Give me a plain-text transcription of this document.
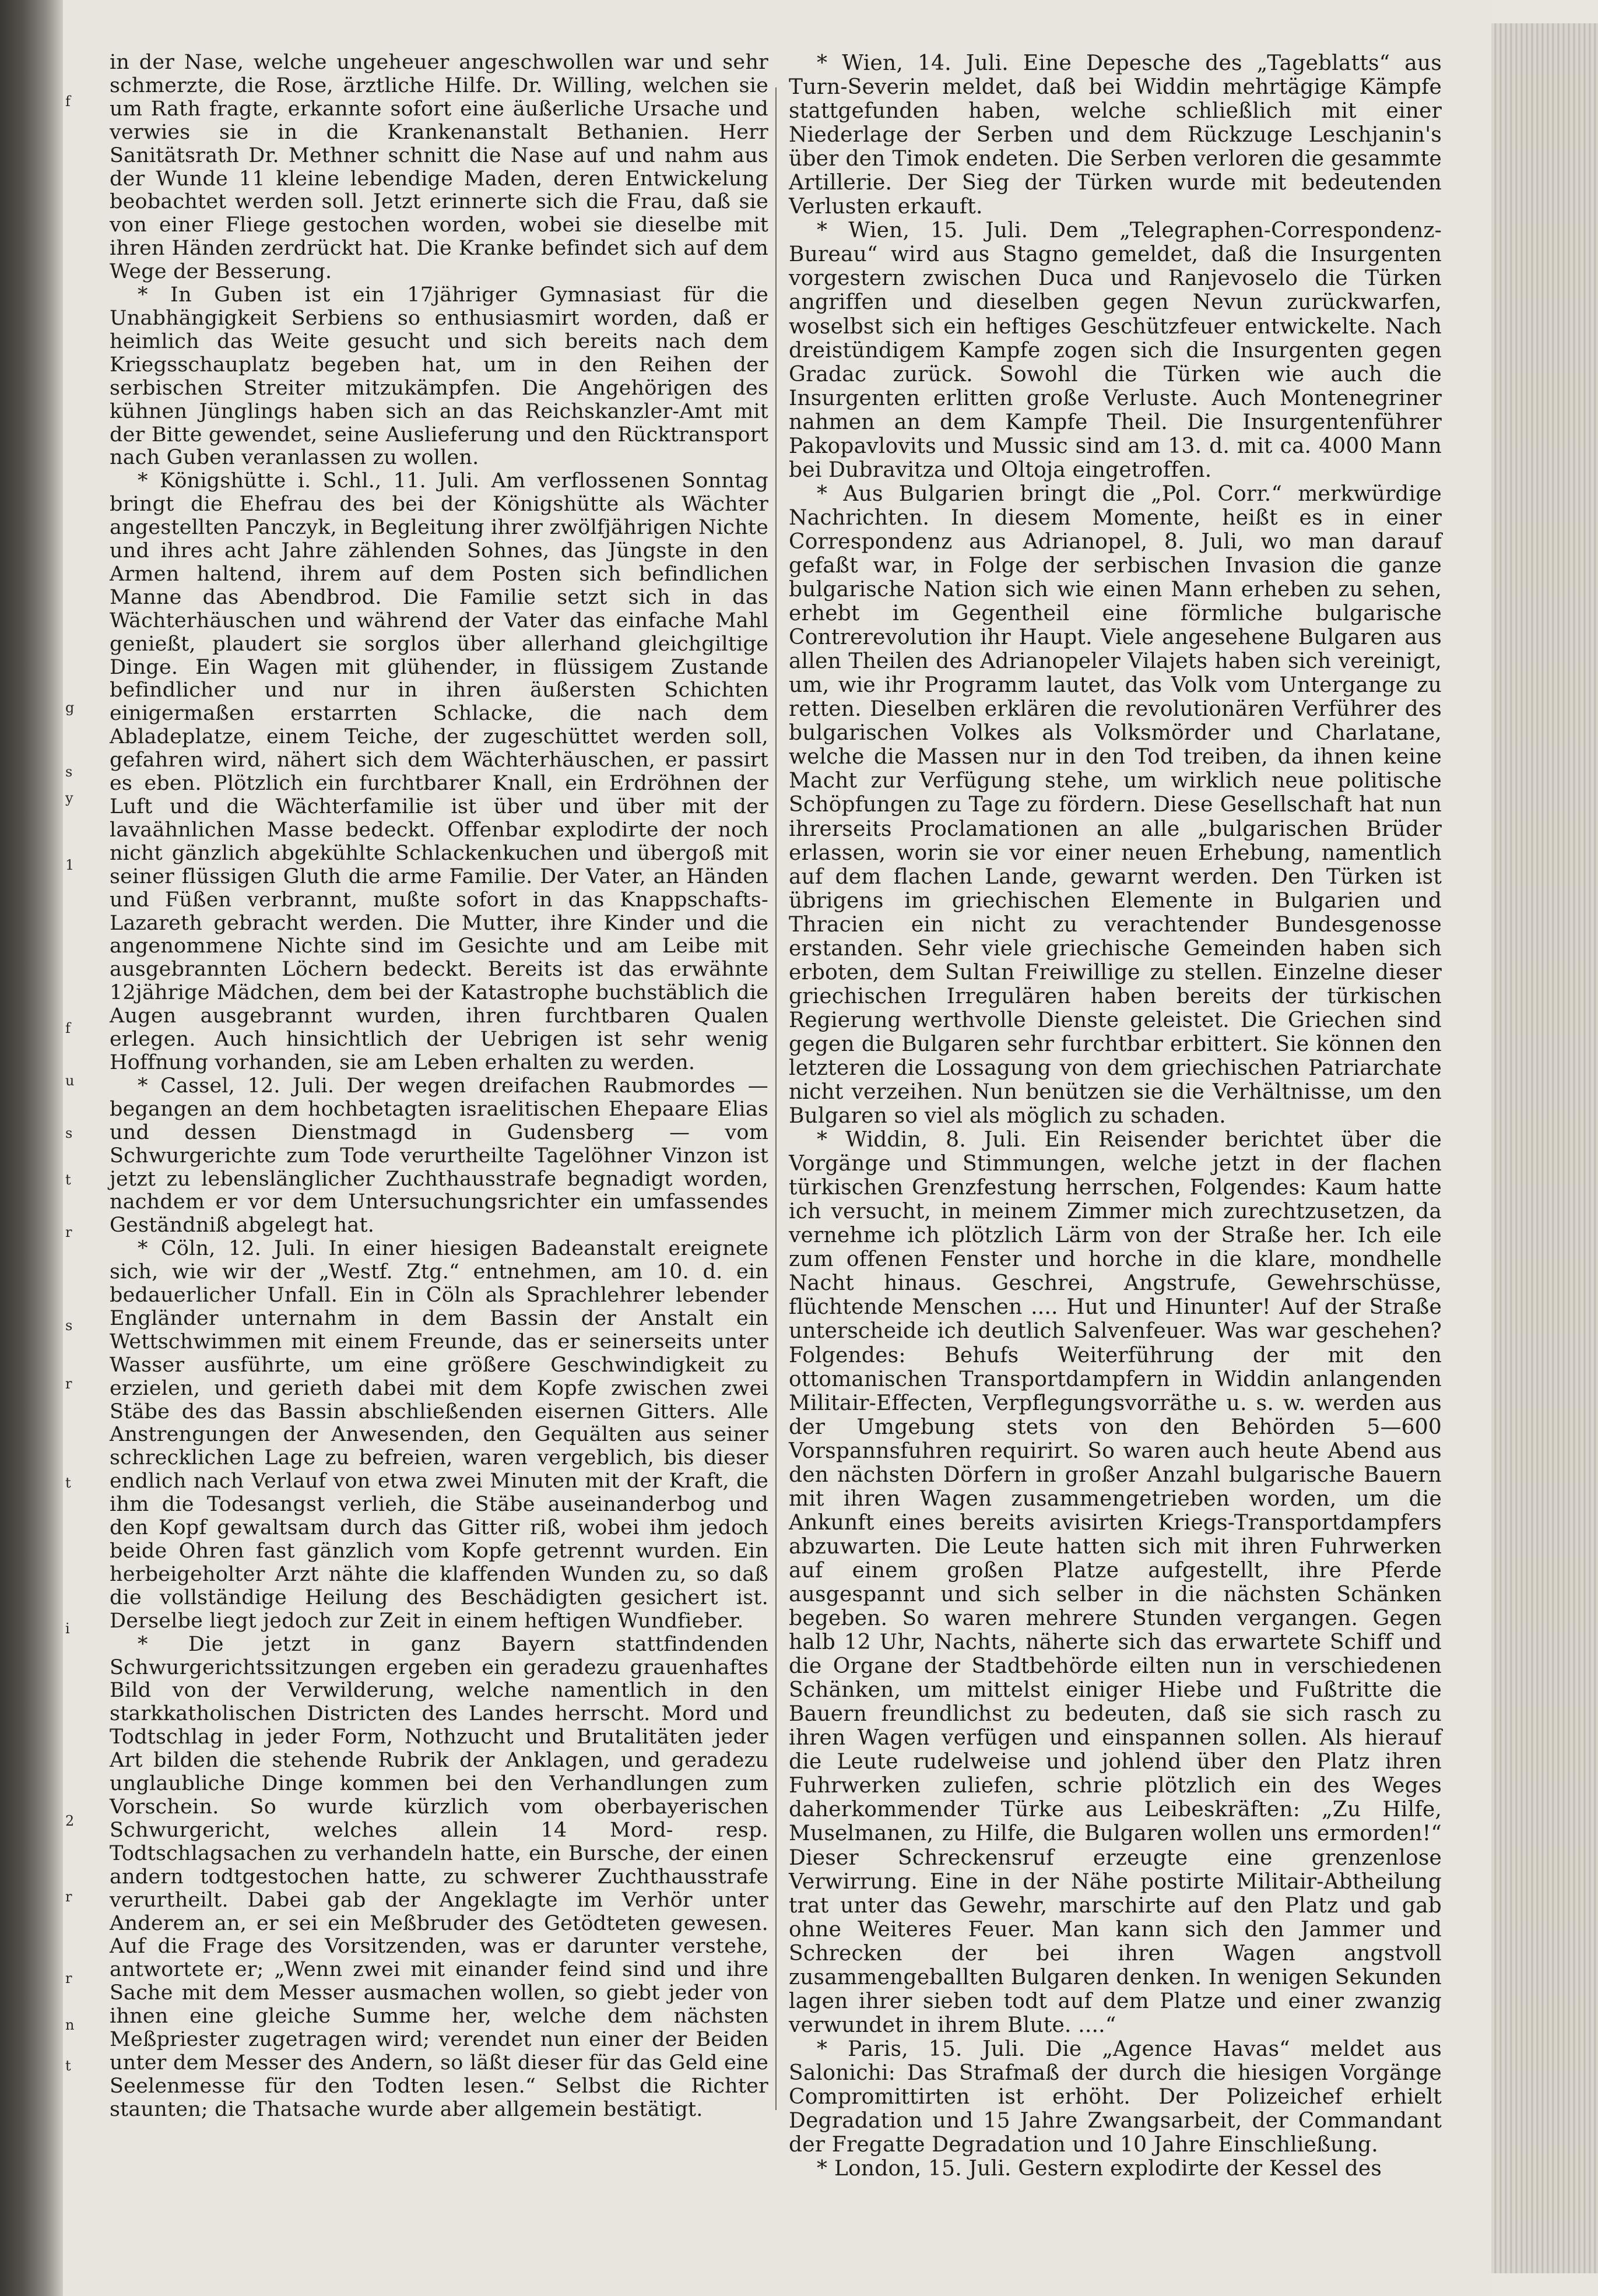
in der Nase, welche ungeheuer angeschwollen war und sehr schmerzte, die Rose, ärztliche Hilfe. Dr. Willing, welchen sie um Rath fragte, erkannte sofort eine äußerliche Ursache und verwies sie in die Krankenanstalt Bethanien. Herr Sanitätsrath Dr. Methner schnitt die Nase auf und nahm aus der Wunde 11 kleine lebendige Maden, deren Entwickelung beobachtet werden soll. Jetzt erinnerte sich die Frau, daß sie von einer Fliege gestochen worden, wobei sie dieselbe mit ihren Händen zerdrückt hat. Die Kranke befindet sich auf dem Wege der Besserung.

* In Guben ist ein 17jähriger Gymnasiast für die Unabhängigkeit Serbiens so enthusiasmirt worden, daß er heimlich das Weite gesucht und sich bereits nach dem Kriegsschauplatz begeben hat, um in den Reihen der serbischen Streiter mitzukämpfen. Die Angehörigen des kühnen Jünglings haben sich an das Reichskanzler-Amt mit der Bitte gewendet, seine Auslieferung und den Rücktransport nach Guben veranlassen zu wollen.

* Königshütte i. Schl., 11. Juli. Am verflossenen Sonntag bringt die Ehefrau des bei der Königshütte als Wächter angestellten Panczyk, in Begleitung ihrer zwölfjährigen Nichte und ihres acht Jahre zählenden Sohnes, das Jüngste in den Armen haltend, ihrem auf dem Posten sich befindlichen Manne das Abendbrod. Die Familie setzt sich in das Wächterhäuschen und während der Vater das einfache Mahl genießt, plaudert sie sorglos über allerhand gleichgiltige Dinge. Ein Wagen mit glühender, in flüssigem Zustande befindlicher und nur in ihren äußersten Schichten einigermaßen erstarrten Schlacke, die nach dem Abladeplatze, einem Teiche, der zugeschüttet werden soll, gefahren wird, nähert sich dem Wächterhäuschen, er passirt es eben. Plötzlich ein furchtbarer Knall, ein Erdröhnen der Luft und die Wächterfamilie ist über und über mit der lavaähnlichen Masse bedeckt. Offenbar explodirte der noch nicht gänzlich abgekühlte Schlackenkuchen und übergoß mit seiner flüssigen Gluth die arme Familie. Der Vater, an Händen und Füßen verbrannt, mußte sofort in das Knappschafts-Lazareth gebracht werden. Die Mutter, ihre Kinder und die angenommene Nichte sind im Gesichte und am Leibe mit ausgebrannten Löchern bedeckt. Bereits ist das erwähnte 12jährige Mädchen, dem bei der Katastrophe buchstäblich die Augen ausgebrannt wurden, ihren furchtbaren Qualen erlegen. Auch hinsichtlich der Uebrigen ist sehr wenig Hoffnung vorhanden, sie am Leben erhalten zu werden.

* Cassel, 12. Juli. Der wegen dreifachen Raubmordes — begangen an dem hochbetagten israelitischen Ehepaare Elias und dessen Dienstmagd in Gudensberg — vom Schwurgerichte zum Tode verurtheilte Tagelöhner Vinzon ist jetzt zu lebenslänglicher Zuchthausstrafe begnadigt worden, nachdem er vor dem Untersuchungsrichter ein umfassendes Geständniß abgelegt hat.

* Cöln, 12. Juli. In einer hiesigen Badeanstalt ereignete sich, wie wir der „Westf. Ztg.“ entnehmen, am 10. d. ein bedauerlicher Unfall. Ein in Cöln als Sprachlehrer lebender Engländer unternahm in dem Bassin der Anstalt ein Wettschwimmen mit einem Freunde, das er seinerseits unter Wasser ausführte, um eine größere Geschwindigkeit zu erzielen, und gerieth dabei mit dem Kopfe zwischen zwei Stäbe des das Bassin abschließenden eisernen Gitters. Alle Anstrengungen der Anwesenden, den Gequälten aus seiner schrecklichen Lage zu befreien, waren vergeblich, bis dieser endlich nach Verlauf von etwa zwei Minuten mit der Kraft, die ihm die Todesangst verlieh, die Stäbe auseinanderbog und den Kopf gewaltsam durch das Gitter riß, wobei ihm jedoch beide Ohren fast gänzlich vom Kopfe getrennt wurden. Ein herbeigeholter Arzt nähte die klaffenden Wunden zu, so daß die vollständige Heilung des Beschädigten gesichert ist. Derselbe liegt jedoch zur Zeit in einem heftigen Wundfieber.

* Die jetzt in ganz Bayern stattfindenden Schwurgerichtssitzungen ergeben ein geradezu grauenhaftes Bild von der Verwilderung, welche namentlich in den starkkatholischen Districten des Landes herrscht. Mord und Todtschlag in jeder Form, Nothzucht und Brutalitäten jeder Art bilden die stehende Rubrik der Anklagen, und geradezu unglaubliche Dinge kommen bei den Verhandlungen zum Vorschein. So wurde kürzlich vom oberbayerischen Schwurgericht, welches allein 14 Mord- resp. Todtschlagsachen zu verhandeln hatte, ein Bursche, der einen andern todtgestochen hatte, zu schwerer Zuchthausstrafe verurtheilt. Dabei gab der Angeklagte im Verhör unter Anderem an, er sei ein Meßbruder des Getödteten gewesen. Auf die Frage des Vorsitzenden, was er darunter verstehe, antwortete er; „Wenn zwei mit einander feind sind und ihre Sache mit dem Messer ausmachen wollen, so giebt jeder von ihnen eine gleiche Summe her, welche dem nächsten Meßpriester zugetragen wird; verendet nun einer der Beiden unter dem Messer des Andern, so läßt dieser für das Geld eine Seelenmesse für den Todten lesen.“ Selbst die Richter staunten; die Thatsache wurde aber allgemein bestätigt.

* Wien, 14. Juli. Eine Depesche des „Tageblatts“ aus Turn-Severin meldet, daß bei Widdin mehrtägige Kämpfe stattgefunden haben, welche schließlich mit einer Niederlage der Serben und dem Rückzuge Leschjanin's über den Timok endeten. Die Serben verloren die gesammte Artillerie. Der Sieg der Türken wurde mit bedeutenden Verlusten erkauft.

* Wien, 15. Juli. Dem „Telegraphen-Correspondenz-Bureau“ wird aus Stagno gemeldet, daß die Insurgenten vorgestern zwischen Duca und Ranjevoselo die Türken angriffen und dieselben gegen Nevun zurückwarfen, woselbst sich ein heftiges Geschützfeuer entwickelte. Nach dreistündigem Kampfe zogen sich die Insurgenten gegen Gradac zurück. Sowohl die Türken wie auch die Insurgenten erlitten große Verluste. Auch Montenegriner nahmen an dem Kampfe Theil. Die Insurgentenführer Pakopavlovits und Mussic sind am 13. d. mit ca. 4000 Mann bei Dubravitza und Oltoja eingetroffen.

* Aus Bulgarien bringt die „Pol. Corr.“ merkwürdige Nachrichten. In diesem Momente, heißt es in einer Correspondenz aus Adrianopel, 8. Juli, wo man darauf gefaßt war, in Folge der serbischen Invasion die ganze bulgarische Nation sich wie einen Mann erheben zu sehen, erhebt im Gegentheil eine förmliche bulgarische Contrerevolution ihr Haupt. Viele angesehene Bulgaren aus allen Theilen des Adrianopeler Vilajets haben sich vereinigt, um, wie ihr Programm lautet, das Volk vom Untergange zu retten. Dieselben erklären die revolutionären Verführer des bulgarischen Volkes als Volksmörder und Charlatane, welche die Massen nur in den Tod treiben, da ihnen keine Macht zur Verfügung stehe, um wirklich neue politische Schöpfungen zu Tage zu fördern. Diese Gesellschaft hat nun ihrerseits Proclamationen an alle „bulgarischen Brüder erlassen, worin sie vor einer neuen Erhebung, namentlich auf dem flachen Lande, gewarnt werden. Den Türken ist übrigens im griechischen Elemente in Bulgarien und Thracien ein nicht zu verachtender Bundesgenosse erstanden. Sehr viele griechische Gemeinden haben sich erboten, dem Sultan Freiwillige zu stellen. Einzelne dieser griechischen Irregulären haben bereits der türkischen Regierung werthvolle Dienste geleistet. Die Griechen sind gegen die Bulgaren sehr furchtbar erbittert. Sie können den letzteren die Lossagung von dem griechischen Patriarchate nicht verzeihen. Nun benützen sie die Verhältnisse, um den Bulgaren so viel als möglich zu schaden.

* Widdin, 8. Juli. Ein Reisender berichtet über die Vorgänge und Stimmungen, welche jetzt in der flachen türkischen Grenzfestung herrschen, Folgendes: Kaum hatte ich versucht, in meinem Zimmer mich zurechtzusetzen, da vernehme ich plötzlich Lärm von der Straße her. Ich eile zum offenen Fenster und horche in die klare, mondhelle Nacht hinaus. Geschrei, Angstrufe, Gewehrschüsse, flüchtende Menschen .... Hut und Hinunter! Auf der Straße unterscheide ich deutlich Salvenfeuer. Was war geschehen? Folgendes: Behufs Weiterführung der mit den ottomanischen Transportdampfern in Widdin anlangenden Militair-Effecten, Verpflegungsvorräthe u. s. w. werden aus der Umgebung stets von den Behörden 5—600 Vorspannsfuhren requirirt. So waren auch heute Abend aus den nächsten Dörfern in großer Anzahl bulgarische Bauern mit ihren Wagen zusammengetrieben worden, um die Ankunft eines bereits avisirten Kriegs-Transportdampfers abzuwarten. Die Leute hatten sich mit ihren Fuhrwerken auf einem großen Platze aufgestellt, ihre Pferde ausgespannt und sich selber in die nächsten Schänken begeben. So waren mehrere Stunden vergangen. Gegen halb 12 Uhr, Nachts, näherte sich das erwartete Schiff und die Organe der Stadtbehörde eilten nun in verschiedenen Schänken, um mittelst einiger Hiebe und Fußtritte die Bauern freundlichst zu bedeuten, daß sie sich rasch zu ihren Wagen verfügen und einspannen sollen. Als hierauf die Leute rudelweise und johlend über den Platz ihren Fuhrwerken zuliefen, schrie plötzlich ein des Weges daherkommender Türke aus Leibeskräften: „Zu Hilfe, Muselmanen, zu Hilfe, die Bulgaren wollen uns ermorden!“ Dieser Schreckensruf erzeugte eine grenzenlose Verwirrung. Eine in der Nähe postirte Militair-Abtheilung trat unter das Gewehr, marschirte auf den Platz und gab ohne Weiteres Feuer. Man kann sich den Jammer und Schrecken der bei ihren Wagen angstvoll zusammengeballten Bulgaren denken. In wenigen Sekunden lagen ihrer sieben todt auf dem Platze und einer zwanzig verwundet in ihrem Blute. ....“

* Paris, 15. Juli. Die „Agence Havas“ meldet aus Salonichi: Das Strafmaß der durch die hiesigen Vorgänge Compromittirten ist erhöht. Der Polizeichef erhielt Degradation und 15 Jahre Zwangsarbeit, der Commandant der Fregatte Degradation und 10 Jahre Einschließung.

* London, 15. Juli. Gestern explodirte der Kessel des

f
g
s
y
1
f
u
s
t
r
s
r
t
i
2
r
r
n
t
